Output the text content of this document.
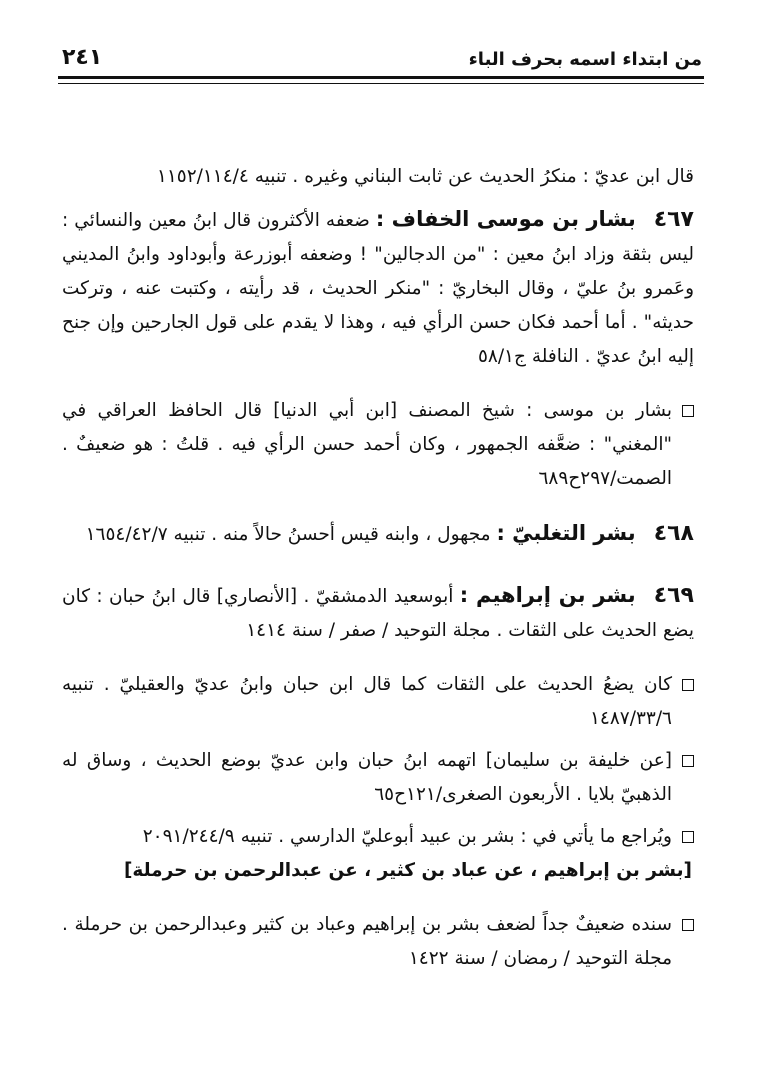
٢٤١	من ابتداء اسمه بحرف الباء

قال ابن عديّ : منكرُ الحديث عن ثابت البناني وغيره . تنبيه ١١٥٢/١١٤/٤

٤٦٧بشار بن موسى الخفاف : ضعفه الأكثرون قال ابنُ معين والنسائي : ليس بثقة وزاد ابنُ معين : "من الدجالين" ! وضعفه أبوزرعة وأبوداود وابنُ المديني وعَمرو بنُ عليّ ، وقال البخاريّ : "منكر الحديث ، قد رأيته ، وكتبت عنه ، وتركت حديثه" . أما أحمد فكان حسن الرأي فيه ، وهذا لا يقدم على قول الجارحين وإن جنح إليه ابنُ عديّ . النافلة ج٥٨/١

بشار بن موسى : شيخ المصنف [ابن أبي الدنيا] قال الحافظ العراقي في "المغني" : ضعَّفه الجمهور ، وكان أحمد حسن الرأي فيه . قلتُ : هو ضعيفٌ . الصمت/٢٩٧ح٦٨٩

٤٦٨بشر التغلبيّ : مجهول ، وابنه قيس أحسنُ حالاً منه . تنبيه ١٦٥٤/٤٢/٧

٤٦٩بشر بن إبراهيم : أبوسعيد الدمشقيّ . [الأنصاري] قال ابنُ حبان : كان يضع الحديث على الثقات . مجلة التوحيد / صفر / سنة ١٤١٤

كان يضعُ الحديث على الثقات كما قال ابن حبان وابنُ عديّ والعقيليّ . تنبيه ١٤٨٧/٣٣/٦
[عن خليفة بن سليمان] اتهمه ابنُ حبان وابن عديّ بوضع الحديث ، وساق له الذهبيّ بلايا . الأربعون الصغرى/١٢١ح٦٥
ويُراجع ما يأتي في : بشر بن عبيد أبوعليّ الدارسي . تنبيه ٢٠٩١/٢٤٤/٩

[بشر بن إبراهيم ، عن عباد بن كثير ، عن عبدالرحمن بن حرملة]

سنده ضعيفٌ جداً لضعف بشر بن إبراهيم وعباد بن كثير وعبدالرحمن بن حرملة . مجلة التوحيد / رمضان / سنة ١٤٢٢
